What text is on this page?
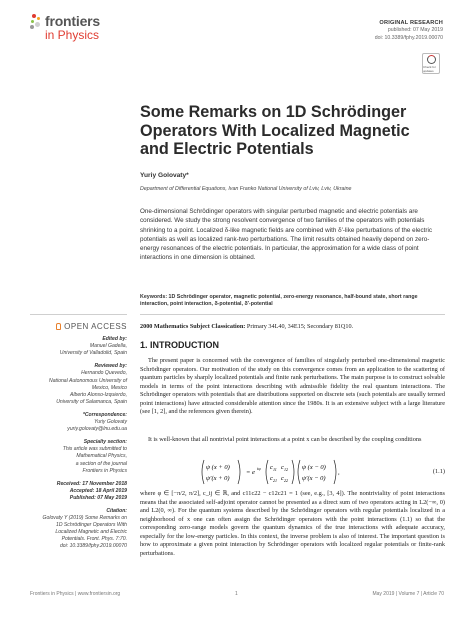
frontiers
in Physics
ORIGINAL RESEARCH
published: 07 May 2019
doi: 10.3389/fphy.2019.00070
Check for updates
Some Remarks on 1D Schrödinger Operators With Localized Magnetic and Electric Potentials
Yuriy Golovaty*
Department of Differential Equations, Ivan Franko National University of Lviv, Lviv, Ukraine

One-dimensional Schrödinger operators with singular perturbed magnetic and electric potentials are considered. We study the strong resolvent convergence of two families of the operators with potentials shrinking to a point. Localized δ-like magnetic fields are combined with δ′-like perturbations of the electric potentials as well as localized rank-two perturbations. The limit results obtained heavily depend on zero-energy resonances of the electric potentials. In particular, the approximation for a wide class of point interactions in one dimension is obtained.

Keywords: 1D Schrödinger operator, magnetic potential, zero-energy resonance, half-bound state, short range interaction, point interaction, δ-potential, δ′-potential

OPEN ACCESS
Edited by:
Manuel Gadella,
University of Valladolid, Spain
Reviewed by:
Hernando Quevedo,
National Autonomous University of
Mexico, Mexico
Alberto Alonso-Izquierdo,
University of Salamanca, Spain
*Correspondence:
Yuriy Golovaty
yuriy.golovaty@lnu.edu.ua
Specialty section:
This article was submitted to
Mathematical Physics,
a section of the journal
Frontiers in Physics
Received: 17 November 2018
Accepted: 18 April 2019
Published: 07 May 2019
Citation:
Golovaty Y (2019) Some Remarks on
1D Schrödinger Operators With
Localized Magnetic and Electric
Potentials. Front. Phys. 7:70.
doi: 10.3389/fphy.2019.00070
2000 Mathematics Subject Classication: Primary 34L40, 34E15; Secondary 81Q10.
1. INTRODUCTION

The present paper is concerned with the convergence of families of singularly perturbed one-dimensional magnetic Schrödinger operators. Our motivation of the study on this convergence comes from an application to the scattering of quantum particles by sharply localized potentials and finite rank perturbations. The main purpose is to construct solvable models in terms of the point interactions describing with admissible fidelity the real quantum interactions. The Schrödinger operators with potentials that are distributions supported on discrete sets (such potentials are usually termed point interactions) have attracted considerable attention since the 1980s. It is an extensive subject with a large literature (see [1, 2], and the references given therein).

It is well-known that all nontrivial point interactions at a point x can be described by the coupling conditions

ψ (x + 0)
ψ′(x + 0)
= e
iφ c 11 c 12
c 21 c 22
ψ (x − 0)
ψ′(x − 0)
,	(1.1)

where φ ∈ [−π/2, π/2], c_ij ∈ ℝ, and c11c22 − c12c21 = 1 (see, e.g., [3, 4]). The nontriviality of point interactions means that the associated self-adjoint operator cannot be presented as a direct sum of two operators acting in L2(−∞, 0) and L2(0, ∞). For the quantum systems described by the Schrödinger operators with regular potentials localized in a neighborhood of x one can often assign the Schrödinger operators with the point interactions (1.1) so that the corresponding zero-range models govern the quantum dynamics of the true interactions with adequate accuracy, especially for the low-energy particles. In this context, the inverse problem is also of interest. The important question is how to approximate a given point interaction by Schrödinger operators with localized regular potentials or finite-rank perturbations.

Frontiers in Physics | www.frontiersin.org	1	May 2019 | Volume 7 | Article 70
